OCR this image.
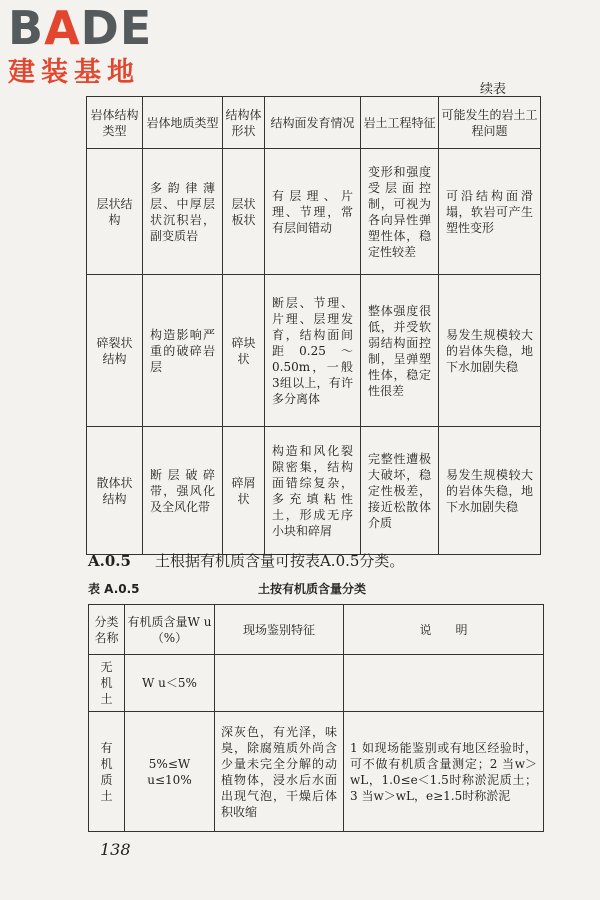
BADE
建装基地
续表
岩体结构类型	岩体地质类型	结构体形状	结构面发育情况	岩土工程特征	可能发生的岩土工程问题
层状结构	多韵律薄层、中厚层状沉积岩，副变质岩	层状板状	有层理、片理、节理，常有层间错动	变形和强度受层面控制，可视为各向异性弹塑性体，稳定性较差	可沿结构面滑塌，软岩可产生塑性变形
碎裂状结构	构造影响严重的破碎岩层	碎块状	断层、节理、片理、层理发育，结构面间距0.25～0.50m，一般3组以上，有许多分离体	整体强度很低，并受软弱结构面控制，呈弹塑性体，稳定性很差	易发生规模较大的岩体失稳，地下水加剧失稳
散体状结构	断层破碎带，强风化及全风化带	碎屑状	构造和风化裂隙密集，结构面错综复杂，多充填粘性土，形成无序小块和碎屑	完整性遭极大破坏，稳定性极差，接近松散体介质	易发生规模较大的岩体失稳，地下水加剧失稳
A.0.5 土根据有机质含量可按表A.0.5分类。
表 A.0.5	土按有机质含量分类
分类名称	有机质含量W u（%）	现场鉴别特征	说　　明
无机土	W u＜5%		
有机质土	5%≤W u≤10%	深灰色，有光泽，味臭，除腐殖质外尚含少量未完全分解的动植物体，浸水后水面出现气泡，干燥后体积收缩	1 如现场能鉴别或有地区经验时，可不做有机质含量测定；2 当w＞wL，1.0≤e＜1.5时称淤泥质土；3 当w＞wL，e≥1.5时称淤泥
138
